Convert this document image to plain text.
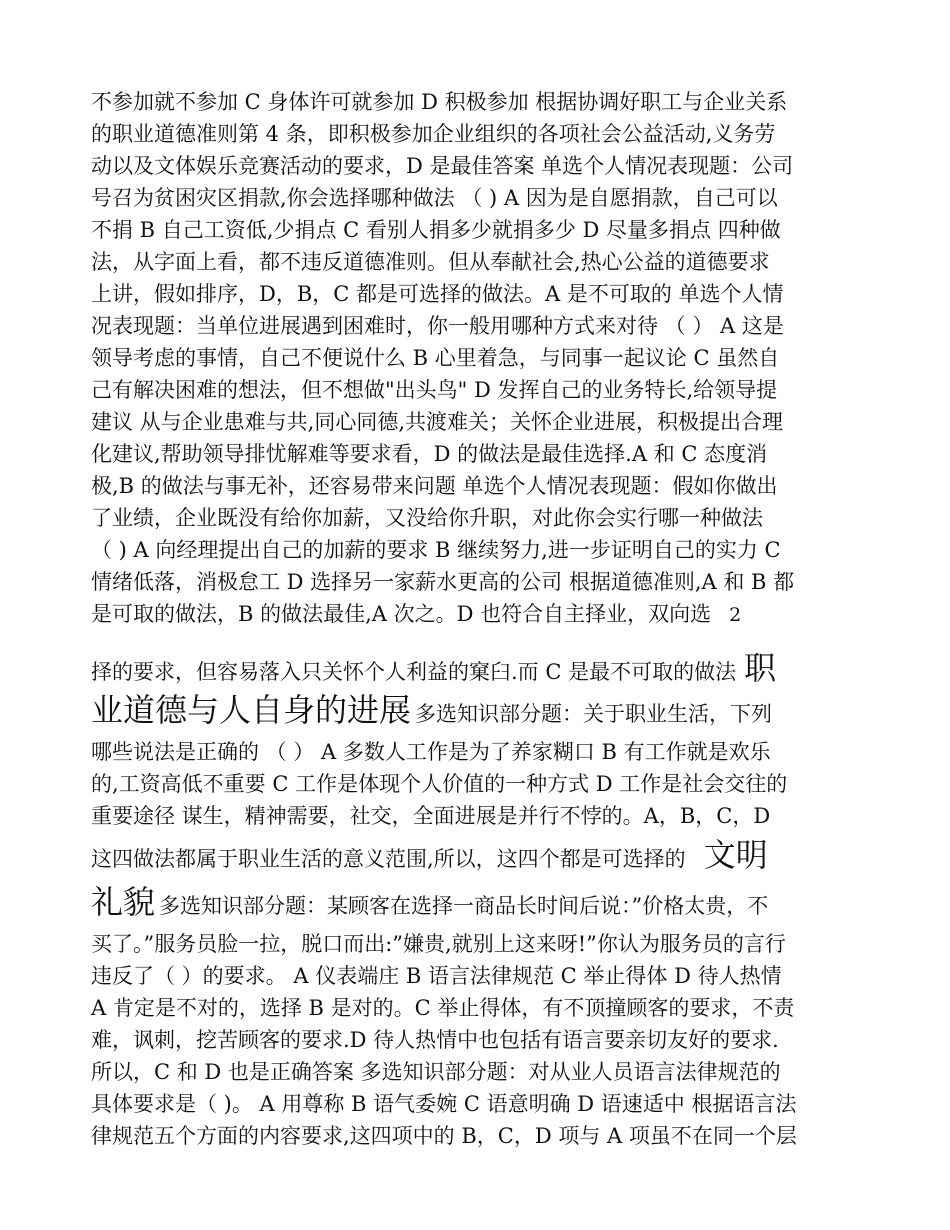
不参加就不参加 C 身体许可就参加 D 积极参加 根据协调好职工与企业关系
的职业道德准则第 4 条，即积极参加企业组织的各项社会公益活动,义务劳
动以及文体娱乐竞赛活动的要求，D 是最佳答案 单选个人情况表现题：公司
号召为贫困灾区捐款,你会选择哪种做法 （ ) A 因为是自愿捐款，自己可以
不捐 B 自己工资低,少捐点 C 看别人捐多少就捐多少 D 尽量多捐点 四种做
法，从字面上看，都不违反道德准则。但从奉献社会,热心公益的道德要求
上讲，假如排序，D，B，C 都是可选择的做法。A 是不可取的 单选个人情
况表现题：当单位进展遇到困难时，你一般用哪种方式来对待 （ ） A 这是
领导考虑的事情，自己不便说什么 B 心里着急，与同事一起议论 C 虽然自
己有解决困难的想法，但不想做"出头鸟" D 发挥自己的业务特长,给领导提
建议 从与企业患难与共,同心同德,共渡难关；关怀企业进展，积极提出合理
化建议,帮助领导排忧解难等要求看，D 的做法是最佳选择.A 和 C 态度消
极,B 的做法与事无补，还容易带来问题 单选个人情况表现题：假如你做出
了业绩，企业既没有给你加薪，又没给你升职，对此你会实行哪一种做法
（ ) A 向经理提出自己的加薪的要求 B 继续努力,进一步证明自己的实力 C
情绪低落，消极怠工 D 选择另一家薪水更高的公司 根据道德准则,A 和 B 都
是可取的做法，B 的做法最佳,A 次之。D 也符合自主择业，双向选 2
择的要求，但容易落入只关怀个人利益的窠臼.而 C 是最不可取的做法 职
业道德与人自身的进展 多选知识部分题：关于职业生活，下列
哪些说法是正确的 （ ） A 多数人工作是为了养家糊口 B 有工作就是欢乐
的,工资高低不重要 C 工作是体现个人价值的一种方式 D 工作是社会交往的
重要途径 谋生，精神需要，社交，全面进展是并行不悖的。A，B，C，D
这四做法都属于职业生活的意义范围,所以，这四个都是可选择的 文明
礼貌 多选知识部分题：某顾客在选择一商品长时间后说：”价格太贵，不
买了。”服务员脸一拉，脱口而出:”嫌贵,就别上这来呀!”你认为服务员的言行
违反了（ ）的要求。 A 仪表端庄 B 语言法律规范 C 举止得体 D 待人热情
A 肯定是不对的，选择 B 是对的。C 举止得体，有不顶撞顾客的要求，不责
难，讽刺，挖苦顾客的要求.D 待人热情中也包括有语言要亲切友好的要求.
所以，C 和 D 也是正确答案 多选知识部分题：对从业人员语言法律规范的
具体要求是（ )。 A 用尊称 B 语气委婉 C 语意明确 D 语速适中 根据语言法
律规范五个方面的内容要求,这四项中的 B，C，D 项与 A 项虽不在同一个层
